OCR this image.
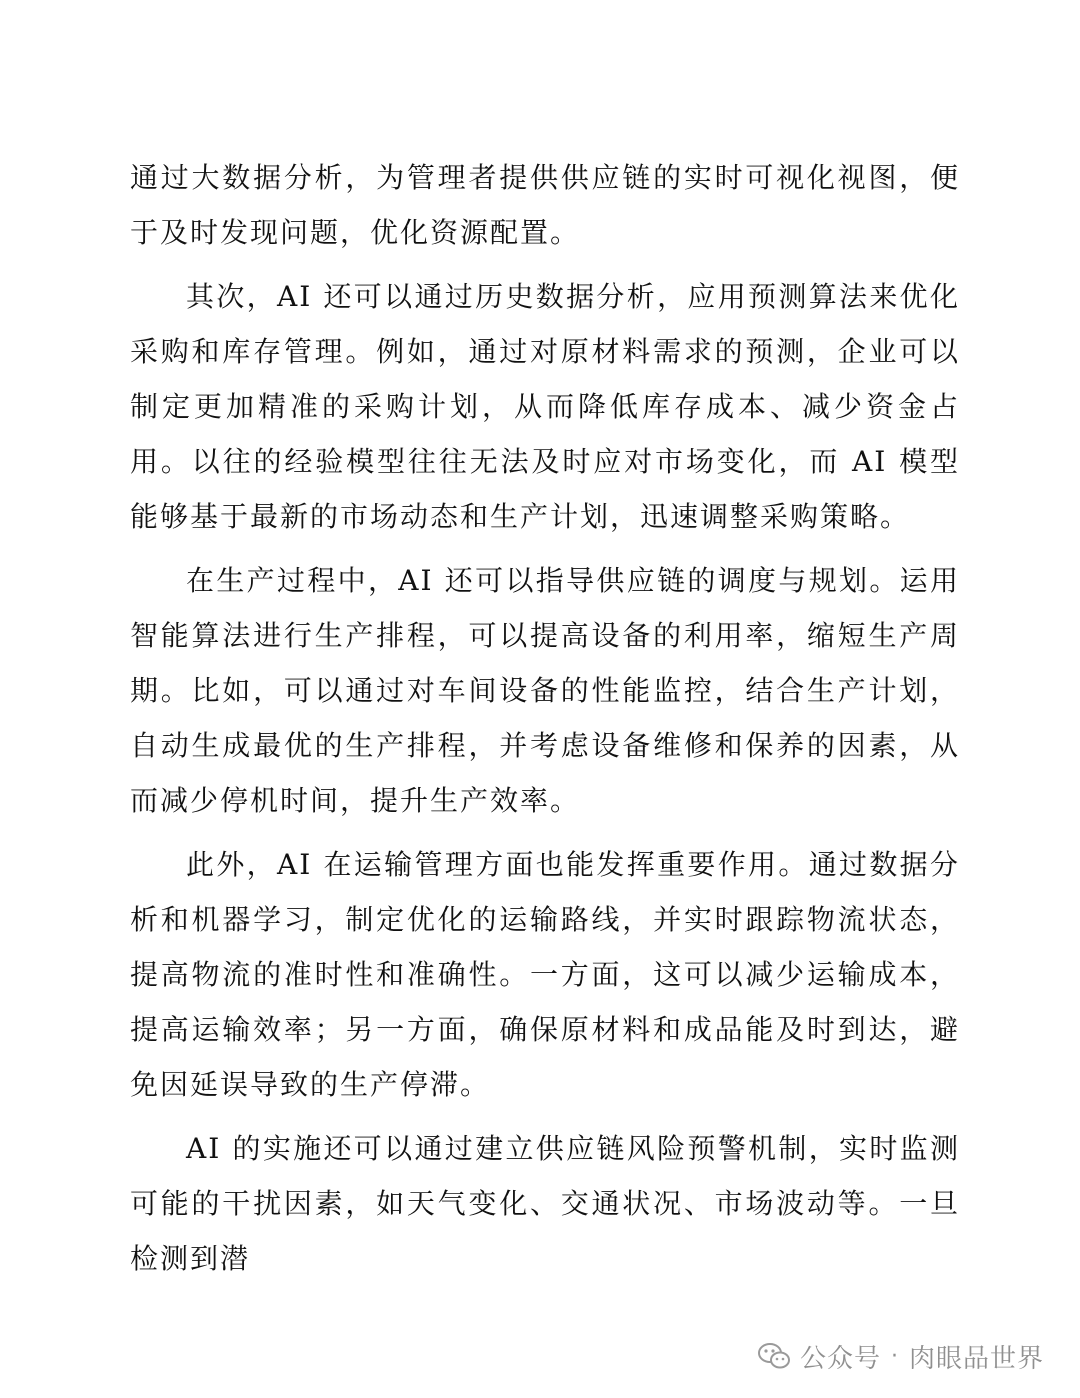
通过大数据分析，为管理者提供供应链的实时可视化视图，便于及时发现问题，优化资源配置。

其次，AI 还可以通过历史数据分析，应用预测算法来优化采购和库存管理。例如，通过对原材料需求的预测，企业可以制定更加精准的采购计划，从而降低库存成本、减少资金占用。以往的经验模型往往无法及时应对市场变化，而 AI 模型能够基于最新的市场动态和生产计划，迅速调整采购策略。

在生产过程中，AI 还可以指导供应链的调度与规划。运用智能算法进行生产排程，可以提高设备的利用率，缩短生产周期。比如，可以通过对车间设备的性能监控，结合生产计划，自动生成最优的生产排程，并考虑设备维修和保养的因素，从而减少停机时间，提升生产效率。

此外，AI 在运输管理方面也能发挥重要作用。通过数据分析和机器学习，制定优化的运输路线，并实时跟踪物流状态，提高物流的准时性和准确性。一方面，这可以减少运输成本，提高运输效率；另一方面，确保原材料和成品能及时到达，避免因延误导致的生产停滞。

AI 的实施还可以通过建立供应链风险预警机制，实时监测可能的干扰因素，如天气变化、交通状况、市场波动等。一旦检测到潜

公众号 · 肉眼品世界
